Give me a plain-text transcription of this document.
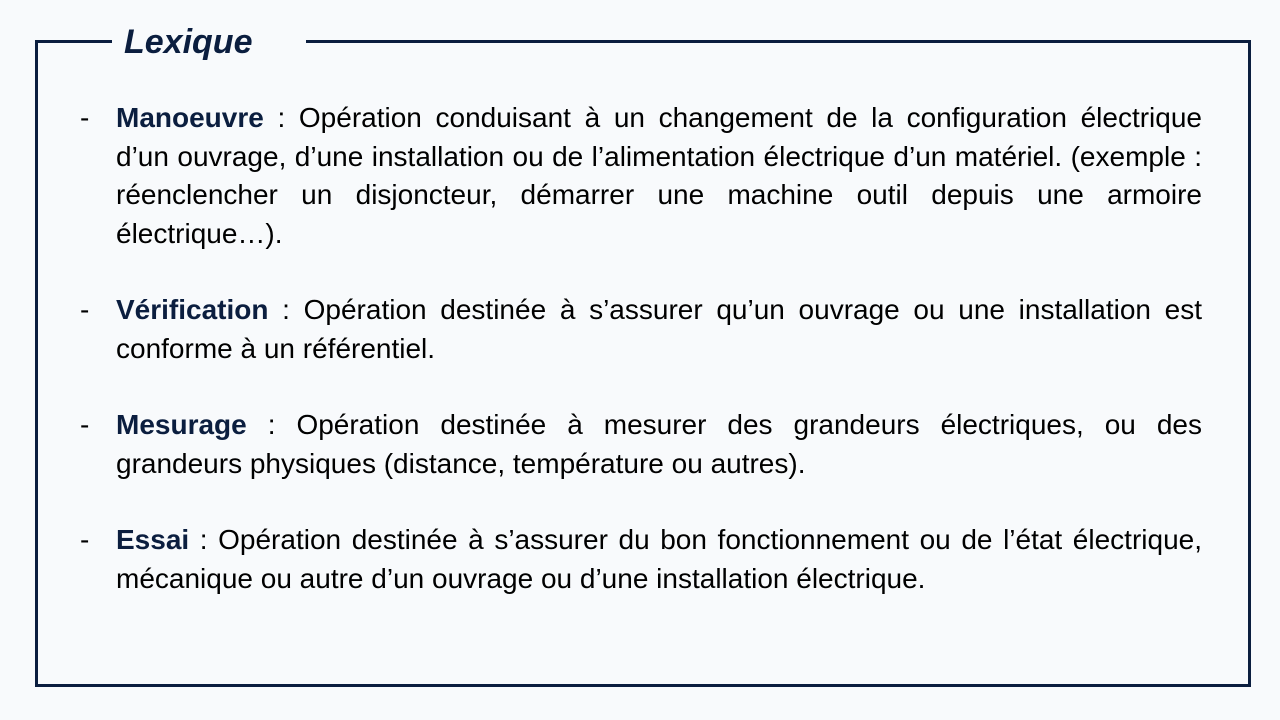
Lexique
- Manoeuvre : Opération conduisant à un changement de la configuration électrique d’un ouvrage, d’une installation ou de l’alimentation électrique d’un matériel. (exemple : réenclencher un disjoncteur, démarrer une machine outil depuis une armoire électrique…).
- Vérification : Opération destinée à s’assurer qu’un ouvrage ou une installation est conforme à un référentiel.
- Mesurage : Opération destinée à mesurer des grandeurs électriques, ou des grandeurs physiques (distance, température ou autres).
- Essai : Opération destinée à s’assurer du bon fonctionnement ou de l’état électrique, mécanique ou autre d’un ouvrage ou d’une installation électrique.
